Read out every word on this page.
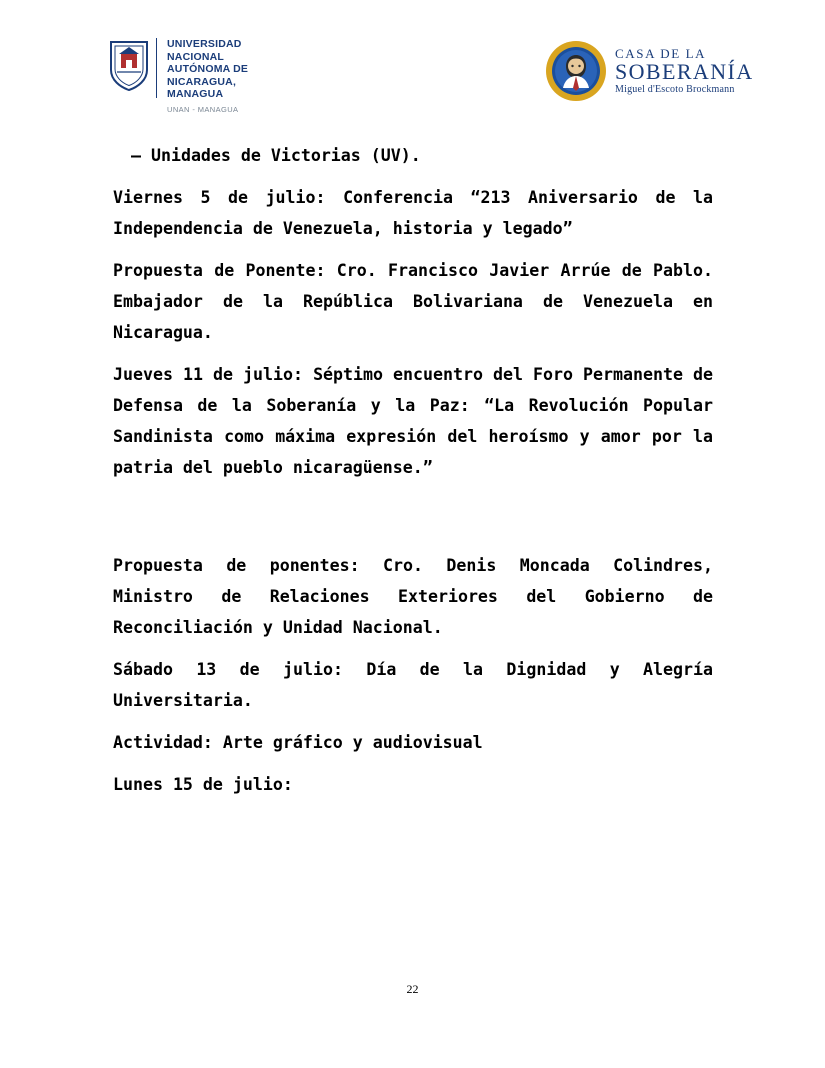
UNIVERSIDAD
NACIONAL
AUTÓNOMA DE
NICARAGUA,
MANAGUA
UNAN - MANAGUA
CASA DE LA
SOBERANÍA
Miguel d'Escoto Brockmann

– Unidades de Victorias (UV).

Viernes 5 de julio: Conferencia “213 Aniversario de la Independencia de Venezuela, historia y legado”

Propuesta de Ponente: Cro. Francisco Javier Arrúe de Pablo. Embajador de la República Bolivariana de Venezuela en Nicaragua.

Jueves 11 de julio: Séptimo encuentro del Foro Permanente de Defensa de la Soberanía y la Paz: “La Revolución Popular Sandinista como máxima expresión del heroísmo y amor por la patria del pueblo nicaragüense.”

Propuesta de ponentes: Cro. Denis Moncada Colindres, Ministro de Relaciones Exteriores del Gobierno de Reconciliación y Unidad Nacional.

Sábado 13 de julio: Día de la Dignidad y Alegría Universitaria.

Actividad: Arte gráfico y audiovisual

Lunes 15 de julio:

22
